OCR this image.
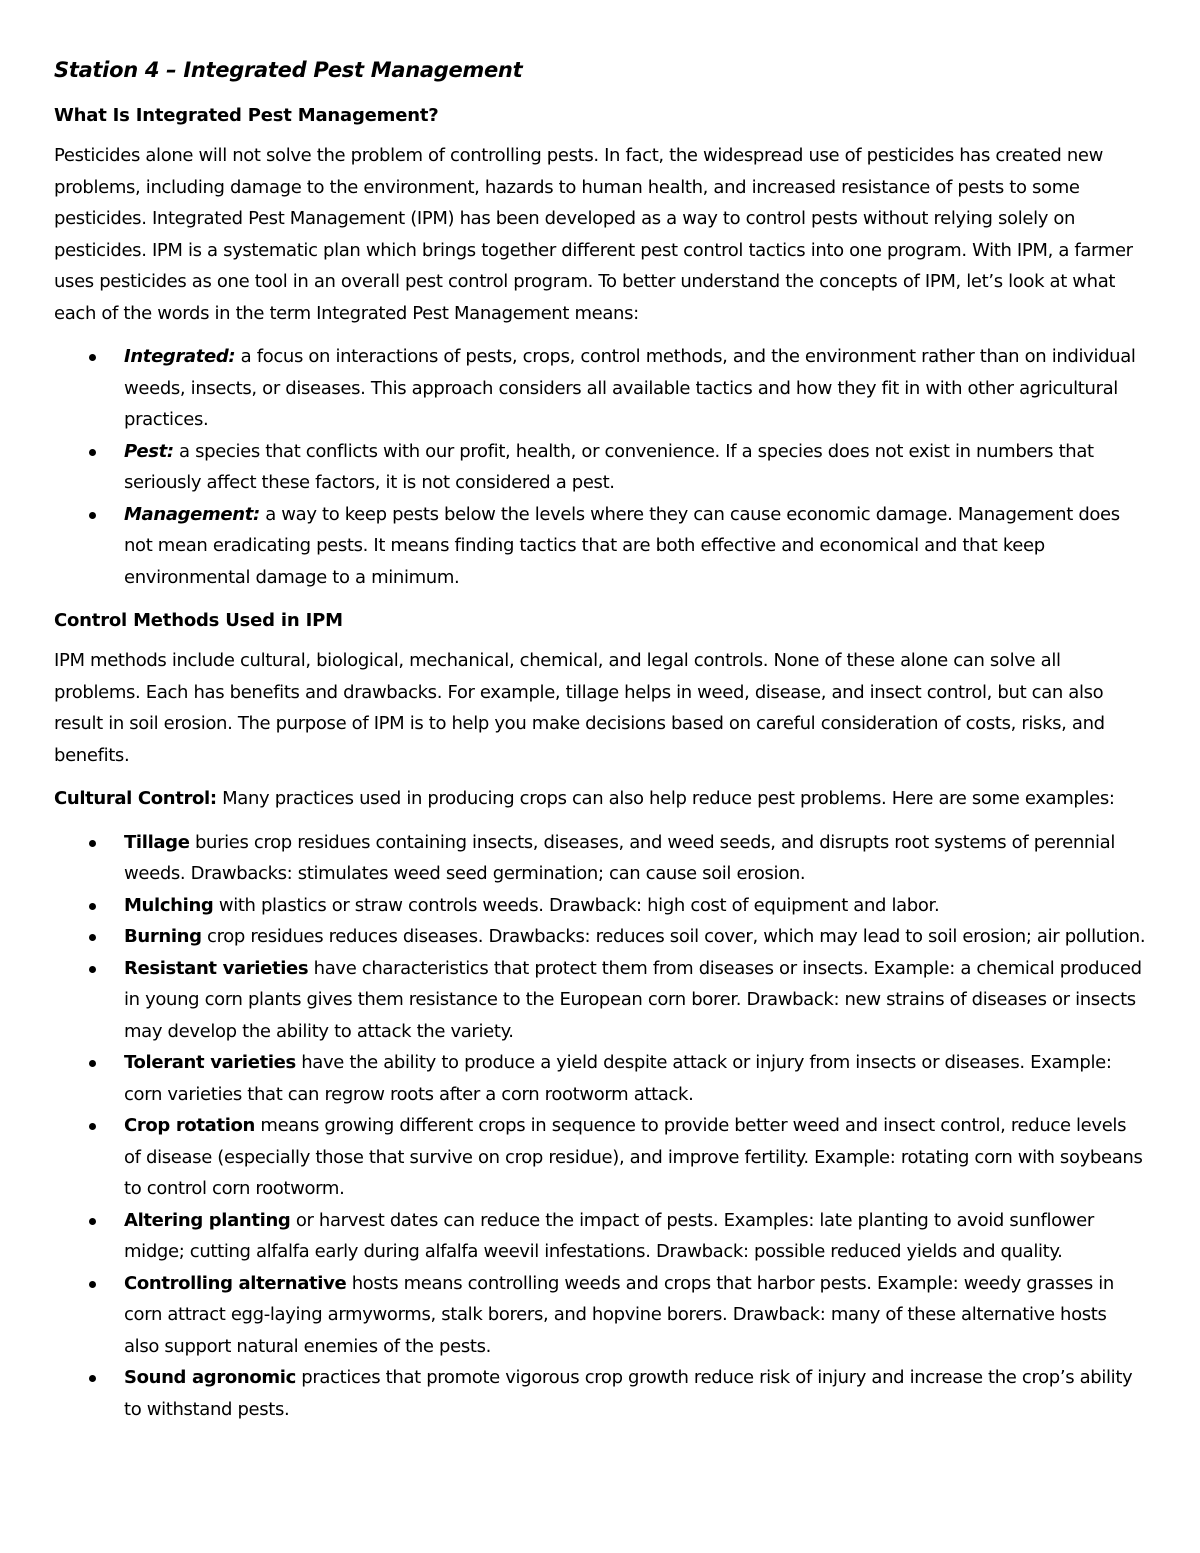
Station 4 – Integrated Pest Management
What Is Integrated Pest Management?

Pesticides alone will not solve the problem of controlling pests. In fact, the widespread use of pesticides has created new problems, including damage to the environment, hazards to human health, and increased resistance of pests to some pesticides. Integrated Pest Management (IPM) has been developed as a way to control pests without relying solely on pesticides. IPM is a systematic plan which brings together different pest control tactics into one program. With IPM, a farmer uses pesticides as one tool in an overall pest control program. To better understand the concepts of IPM, let’s look at what each of the words in the term Integrated Pest Management means:

Integrated: a focus on interactions of pests, crops, control methods, and the environment rather than on individual weeds, insects, or diseases. This approach considers all available tactics and how they fit in with other agricultural practices.
Pest: a species that conflicts with our profit, health, or convenience. If a species does not exist in numbers that seriously affect these factors, it is not considered a pest.
Management: a way to keep pests below the levels where they can cause economic damage. Management does not mean eradicating pests. It means finding tactics that are both effective and economical and that keep environmental damage to a minimum.
Control Methods Used in IPM

IPM methods include cultural, biological, mechanical, chemical, and legal controls. None of these alone can solve all problems. Each has benefits and drawbacks. For example, tillage helps in weed, disease, and insect control, but can also result in soil erosion. The purpose of IPM is to help you make decisions based on careful consideration of costs, risks, and benefits.

Cultural Control: Many practices used in producing crops can also help reduce pest problems. Here are some examples:

Tillage buries crop residues containing insects, diseases, and weed seeds, and disrupts root systems of perennial weeds. Drawbacks: stimulates weed seed germination; can cause soil erosion.
Mulching with plastics or straw controls weeds. Drawback: high cost of equipment and labor.
Burning crop residues reduces diseases. Drawbacks: reduces soil cover, which may lead to soil erosion; air pollution.
Resistant varieties have characteristics that protect them from diseases or insects. Example: a chemical produced in young corn plants gives them resistance to the European corn borer. Drawback: new strains of diseases or insects may develop the ability to attack the variety.
Tolerant varieties have the ability to produce a yield despite attack or injury from insects or diseases. Example: corn varieties that can regrow roots after a corn rootworm attack.
Crop rotation means growing different crops in sequence to provide better weed and insect control, reduce levels of disease (especially those that survive on crop residue), and improve fertility. Example: rotating corn with soybeans to control corn rootworm.
Altering planting or harvest dates can reduce the impact of pests. Examples: late planting to avoid sunflower midge; cutting alfalfa early during alfalfa weevil infestations. Drawback: possible reduced yields and quality.
Controlling alternative hosts means controlling weeds and crops that harbor pests. Example: weedy grasses in corn attract egg-laying armyworms, stalk borers, and hopvine borers. Drawback: many of these alternative hosts also support natural enemies of the pests.
Sound agronomic practices that promote vigorous crop growth reduce risk of injury and increase the crop’s ability to withstand pests.
